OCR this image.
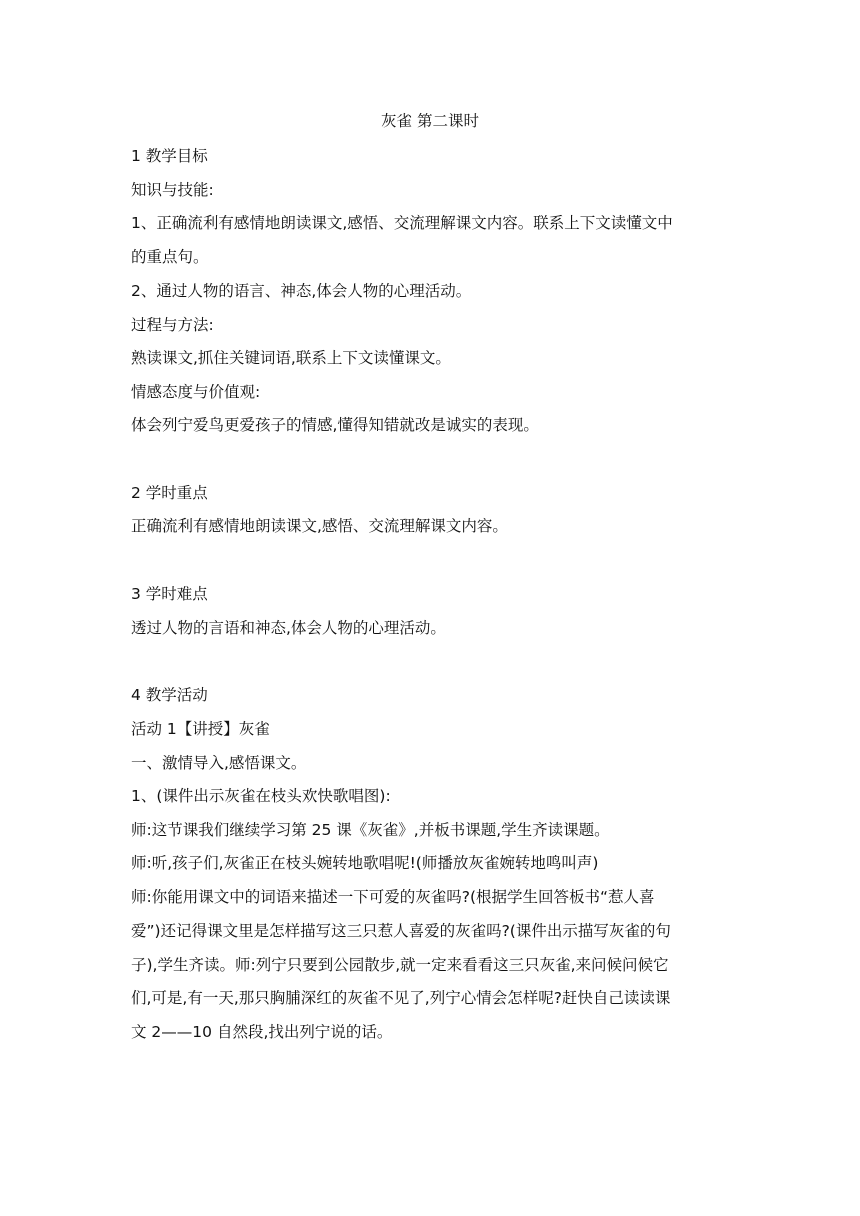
灰雀 第二课时
1 教学目标
知识与技能:
1、正确流利有感情地朗读课文,感悟、交流理解课文内容。联系上下文读懂文中
的重点句。
2、通过人物的语言、神态,体会人物的心理活动。
过程与方法:
熟读课文,抓住关键词语,联系上下文读懂课文。
情感态度与价值观:
体会列宁爱鸟更爱孩子的情感,懂得知错就改是诚实的表现。
2 学时重点
正确流利有感情地朗读课文,感悟、交流理解课文内容。
3 学时难点
透过人物的言语和神态,体会人物的心理活动。
4 教学活动
活动 1【讲授】灰雀
一、激情导入,感悟课文。
1、(课件出示灰雀在枝头欢快歌唱图):
师:这节课我们继续学习第 25 课《灰雀》,并板书课题,学生齐读课题。
师:听,孩子们,灰雀正在枝头婉转地歌唱呢!(师播放灰雀婉转地鸣叫声)
师:你能用课文中的词语来描述一下可爱的灰雀吗?(根据学生回答板书“惹人喜
爱”)还记得课文里是怎样描写这三只惹人喜爱的灰雀吗?(课件出示描写灰雀的句
子),学生齐读。师:列宁只要到公园散步,就一定来看看这三只灰雀,来问候问候它
们,可是,有一天,那只胸脯深红的灰雀不见了,列宁心情会怎样呢?赶快自己读读课
文 2——10 自然段,找出列宁说的话。
